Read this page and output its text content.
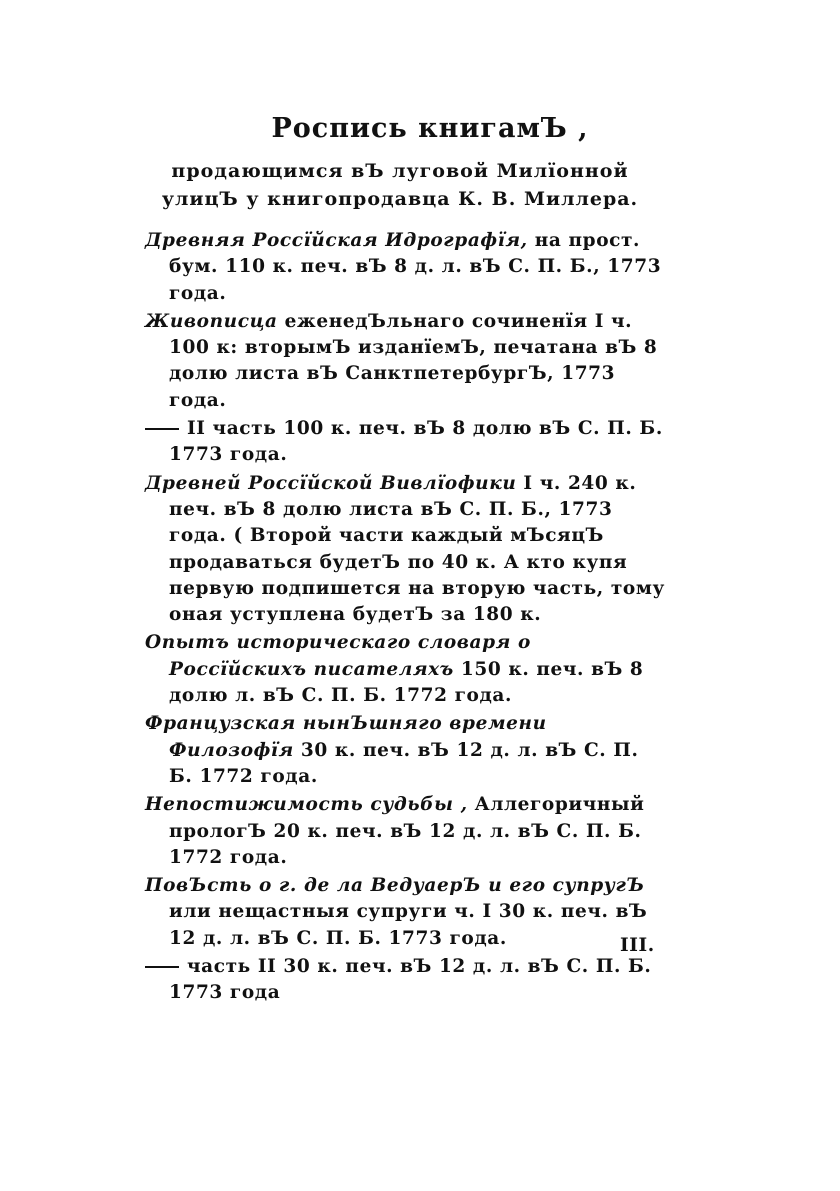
Роспись книгамЪ ,
продающимся вЪ луговой Милїонной
улицЪ у книгопродавца К. В. Миллера.

Древняя Россїйская Идрографїя, на прост. бум. 110 к. печ. вЪ 8 д. л. вЪ С. П. Б., 1773 года.

Живописца еженедЪльнаго сочиненїя I ч. 100 к: вторымЪ изданїемЪ, печатана вЪ 8 долю листа вЪ СанктпетербургЪ, 1773 года.

II часть 100 к. печ. вЪ 8 долю вЪ С. П. Б. 1773 года.

Древней Россїйской Вивлїофики I ч. 240 к. печ. вЪ 8 долю листа вЪ С. П. Б., 1773 года. ( Второй части каждый мЪсяцЪ продаваться будетЪ по 40 к. А кто купя первую подпишется на вторую часть, тому оная уступлена будетЪ за 180 к.

Опытъ историческаго словаря о Россїйскихъ писателяхъ 150 к. печ. вЪ 8 долю л. вЪ С. П. Б. 1772 года.

Французская нынЪшняго времени Филозофїя 30 к. печ. вЪ 12 д. л. вЪ С. П. Б. 1772 года.

Непостижимость судьбы , Аллегоричный прологЪ 20 к. печ. вЪ 12 д. л. вЪ С. П. Б. 1772 года.

ПовЪсть о г. де ла ВедуаерЪ и его супругЪ или нещастныя супруги ч. I 30 к. печ. вЪ 12 д. л. вЪ С. П. Б. 1773 года.

часть II 30 к. печ. вЪ 12 д. л. вЪ С. П. Б. 1773 года

III.
